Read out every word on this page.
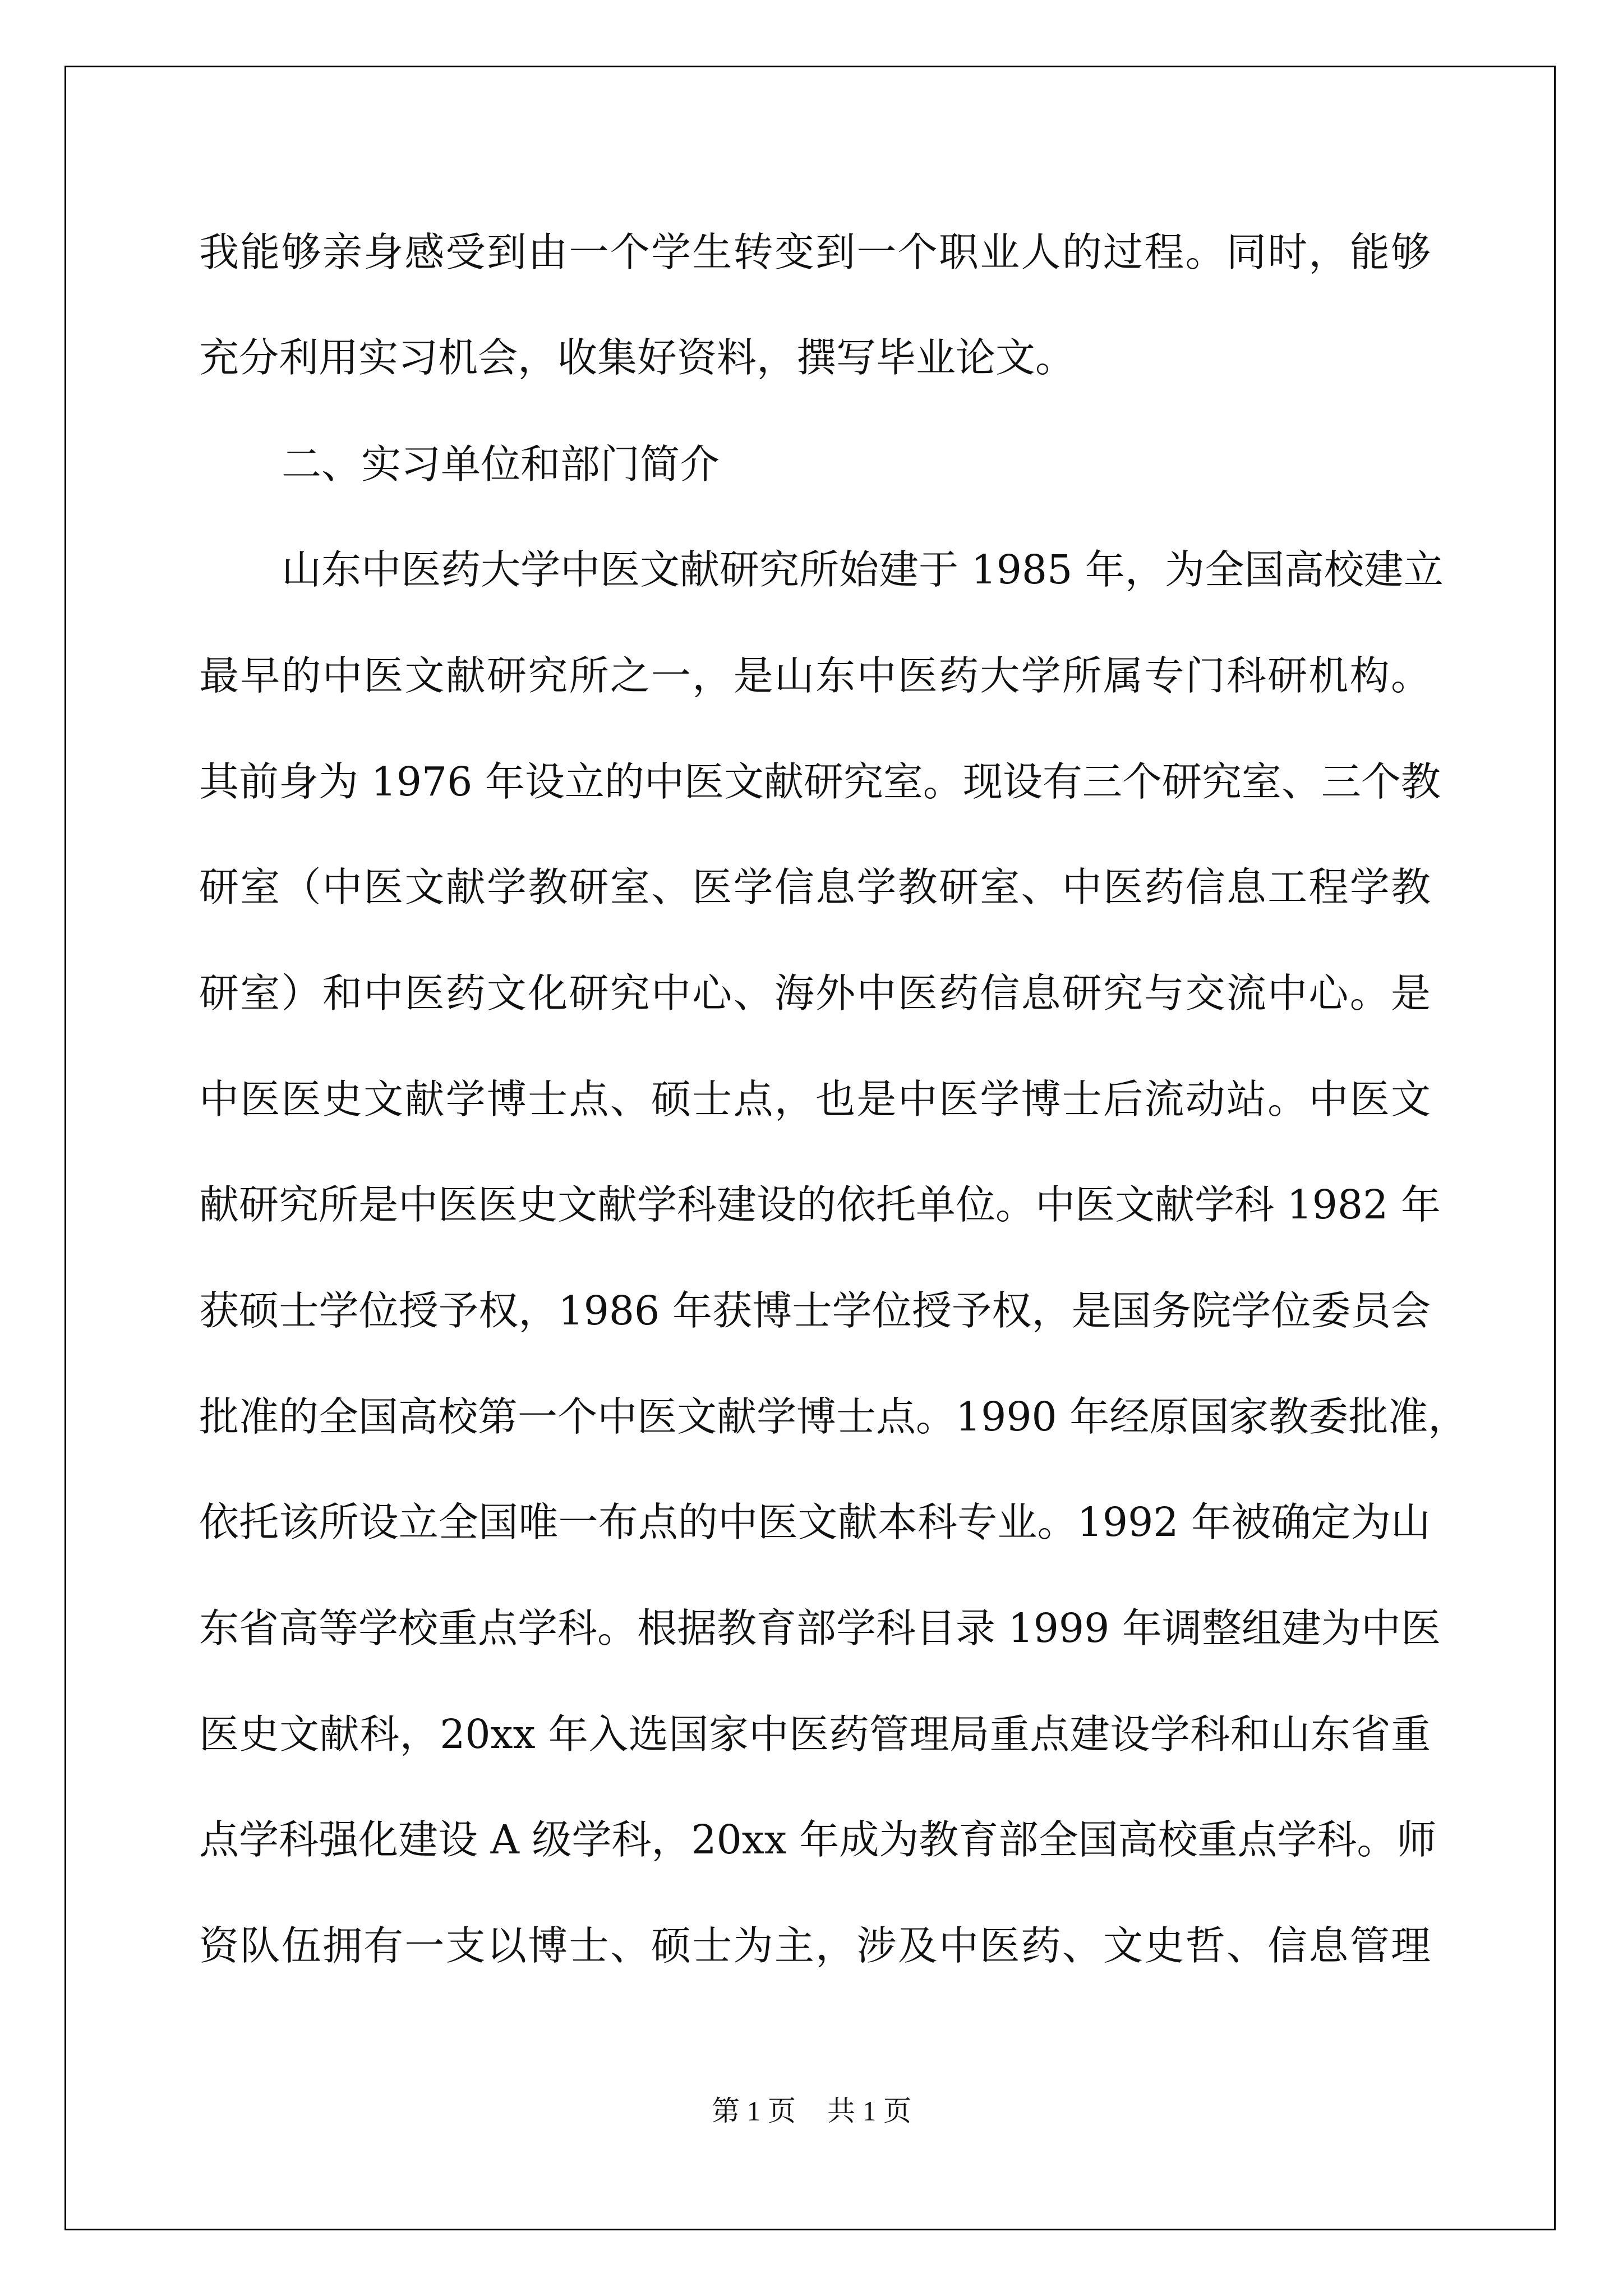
我能够亲身感受到由一个学生转变到一个职业人的过程。同时，能够
充分利用实习机会，收集好资料，撰写毕业论文。
二、实习单位和部门简介
山东中医药大学中医文献研究所始建于 1985 年，为全国高校建立
最早的中医文献研究所之一，是山东中医药大学所属专门科研机构。
其前身为 1976 年设立的中医文献研究室。现设有三个研究室、三个教
研室（中医文献学教研室、医学信息学教研室、中医药信息工程学教
研室）和中医药文化研究中心、海外中医药信息研究与交流中心。是
中医医史文献学博士点、硕士点，也是中医学博士后流动站。中医文
献研究所是中医医史文献学科建设的依托单位。中医文献学科 1982 年
获硕士学位授予权，1986 年获博士学位授予权，是国务院学位委员会
批准的全国高校第一个中医文献学博士点。1990 年经原国家教委批准，
依托该所设立全国唯一布点的中医文献本科专业。1992 年被确定为山
东省高等学校重点学科。根据教育部学科目录 1999 年调整组建为中医
医史文献科，20xx 年入选国家中医药管理局重点建设学科和山东省重
点学科强化建设 A 级学科，20xx 年成为教育部全国高校重点学科。师
资队伍拥有一支以博士、硕士为主，涉及中医药、文史哲、信息管理
第 1 页 共 1 页
